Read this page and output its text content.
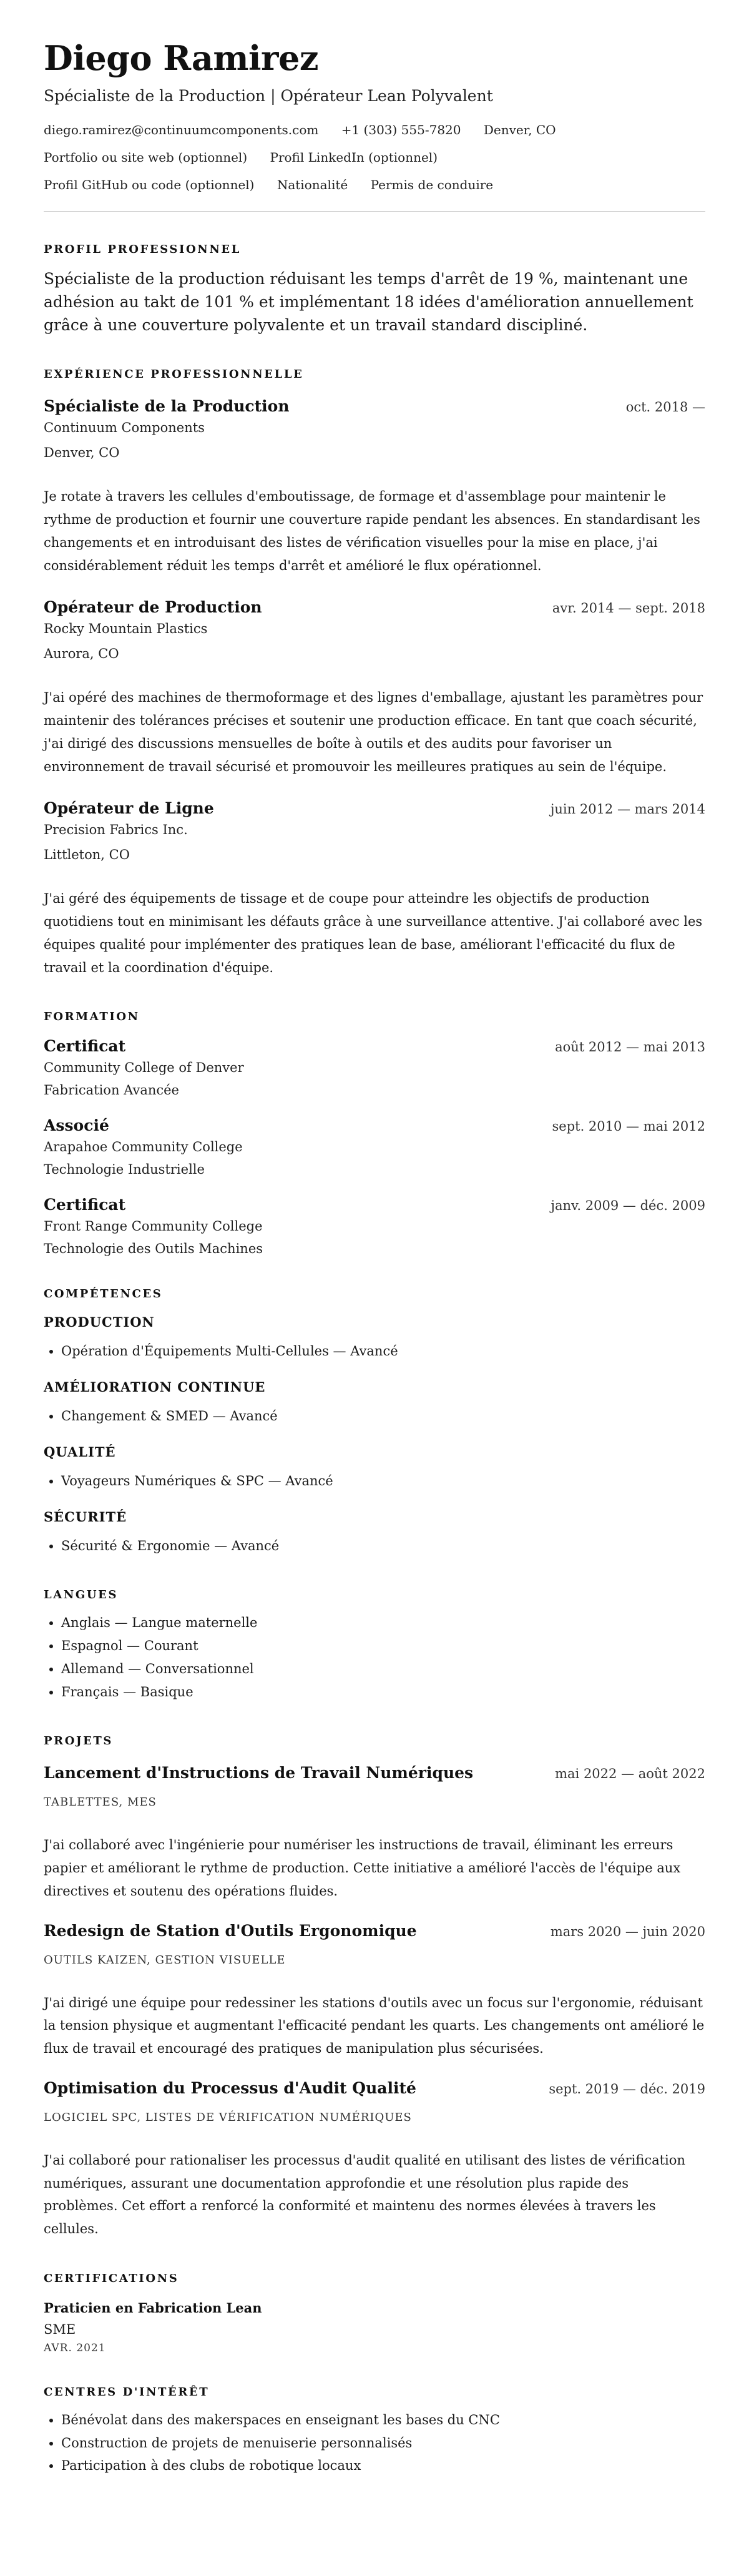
Diego Ramirez
Spécialiste de la Production | Opérateur Lean Polyvalent
diego.ramirez@continuumcomponents.com +1 (303) 555-7820 Denver, CO
Portfolio ou site web (optionnel) Profil LinkedIn (optionnel)
Profil GitHub ou code (optionnel) Nationalité Permis de conduire
PROFIL PROFESSIONNEL
Spécialiste de la production réduisant les temps d'arrêt de 19 %, maintenant une adhésion au takt de 101 % et implémentant 18 idées d'amélioration annuellement grâce à une couverture polyvalente et un travail standard discipliné.
EXPÉRIENCE PROFESSIONNELLE
Spécialiste de la Production	oct. 2018 —
Continuum Components
Denver, CO
Je rotate à travers les cellules d'emboutissage, de formage et d'assemblage pour maintenir le rythme de production et fournir une couverture rapide pendant les absences. En standardisant les changements et en introduisant des listes de vérification visuelles pour la mise en place, j'ai considérablement réduit les temps d'arrêt et amélioré le flux opérationnel.
Opérateur de Production	avr. 2014 — sept. 2018
Rocky Mountain Plastics
Aurora, CO
J'ai opéré des machines de thermoformage et des lignes d'emballage, ajustant les paramètres pour maintenir des tolérances précises et soutenir une production efficace. En tant que coach sécurité, j'ai dirigé des discussions mensuelles de boîte à outils et des audits pour favoriser un environnement de travail sécurisé et promouvoir les meilleures pratiques au sein de l'équipe.
Opérateur de Ligne	juin 2012 — mars 2014
Precision Fabrics Inc.
Littleton, CO
J'ai géré des équipements de tissage et de coupe pour atteindre les objectifs de production quotidiens tout en minimisant les défauts grâce à une surveillance attentive. J'ai collaboré avec les équipes qualité pour implémenter des pratiques lean de base, améliorant l'efficacité du flux de travail et la coordination d'équipe.
FORMATION
Certificat	août 2012 — mai 2013
Community College of Denver
Fabrication Avancée
Associé	sept. 2010 — mai 2012
Arapahoe Community College
Technologie Industrielle
Certificat	janv. 2009 — déc. 2009
Front Range Community College
Technologie des Outils Machines
COMPÉTENCES
PRODUCTION
• Opération d'Équipements Multi-Cellules — Avancé
AMÉLIORATION CONTINUE
• Changement & SMED — Avancé
QUALITÉ
• Voyageurs Numériques & SPC — Avancé
SÉCURITÉ
• Sécurité & Ergonomie — Avancé
LANGUES
• Anglais — Langue maternelle
• Espagnol — Courant
• Allemand — Conversationnel
• Français — Basique
PROJETS
Lancement d'Instructions de Travail Numériques	mai 2022 — août 2022
TABLETTES, MES
J'ai collaboré avec l'ingénierie pour numériser les instructions de travail, éliminant les erreurs papier et améliorant le rythme de production. Cette initiative a amélioré l'accès de l'équipe aux directives et soutenu des opérations fluides.
Redesign de Station d'Outils Ergonomique	mars 2020 — juin 2020
OUTILS KAIZEN, GESTION VISUELLE
J'ai dirigé une équipe pour redessiner les stations d'outils avec un focus sur l'ergonomie, réduisant la tension physique et augmentant l'efficacité pendant les quarts. Les changements ont amélioré le flux de travail et encouragé des pratiques de manipulation plus sécurisées.
Optimisation du Processus d'Audit Qualité	sept. 2019 — déc. 2019
LOGICIEL SPC, LISTES DE VÉRIFICATION NUMÉRIQUES
J'ai collaboré pour rationaliser les processus d'audit qualité en utilisant des listes de vérification numériques, assurant une documentation approfondie et une résolution plus rapide des problèmes. Cet effort a renforcé la conformité et maintenu des normes élevées à travers les cellules.
CERTIFICATIONS
Praticien en Fabrication Lean
SME
AVR. 2021
CENTRES D'INTÉRÊT
• Bénévolat dans des makerspaces en enseignant les bases du CNC
• Construction de projets de menuiserie personnalisés
• Participation à des clubs de robotique locaux
